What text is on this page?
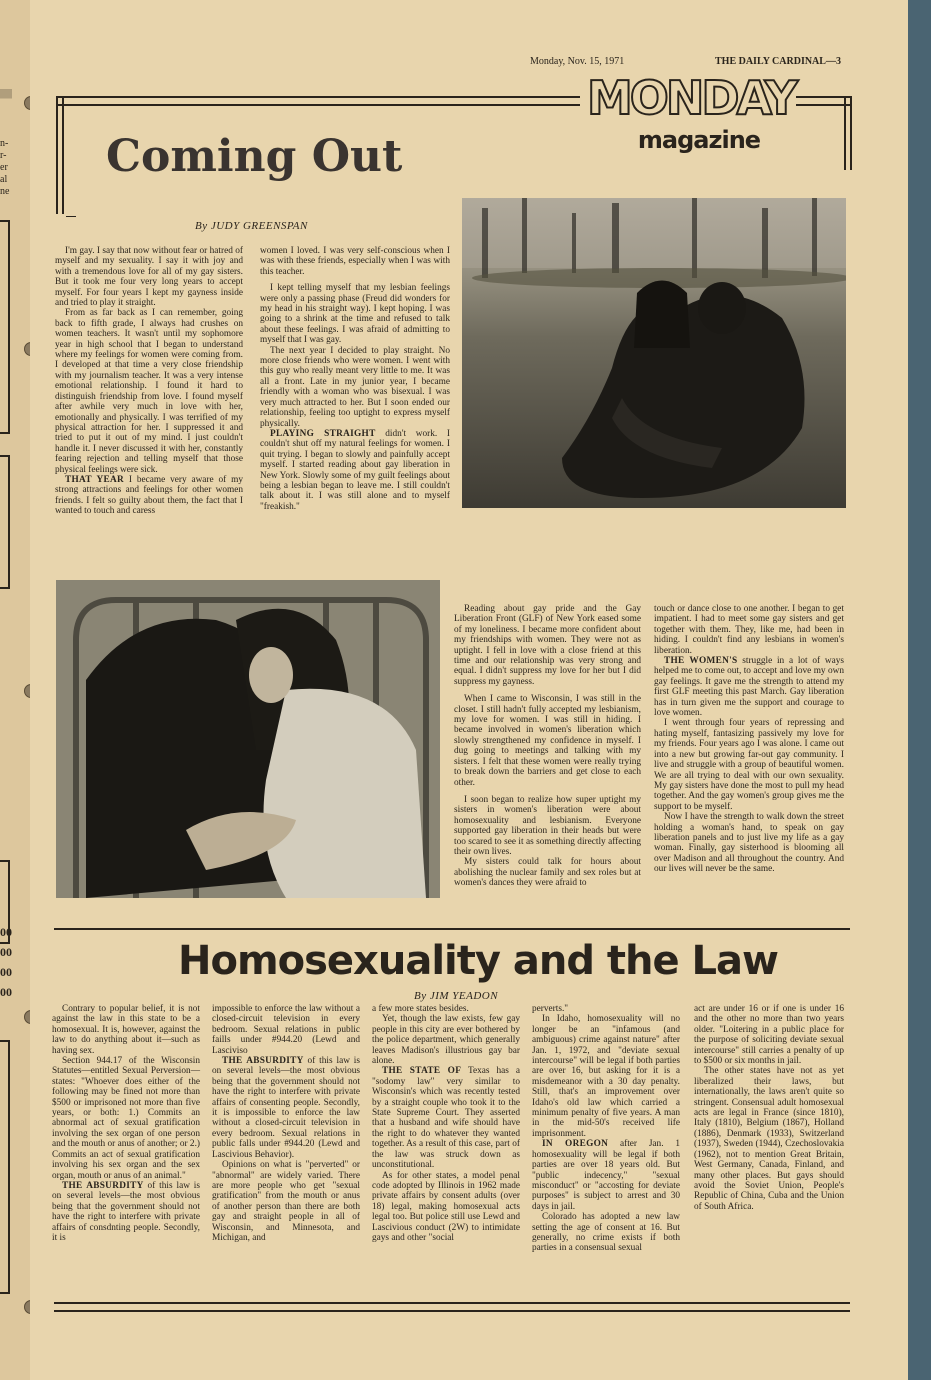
||||||
n-
r-
er
al
ne
00
00
00
00
Monday, Nov. 15, 1971	THE DAILY CARDINAL—3
MONDAY
magazine
Coming Out
By JUDY GREENSPAN

I'm gay. I say that now without fear or hatred of myself and my sexuality. I say it with joy and with a tremendous love for all of my gay sisters. But it took me four very long years to accept myself. For four years I kept my gayness inside and tried to play it straight.

From as far back as I can remember, going back to fifth grade, I always had crushes on women teachers. It wasn't until my sophomore year in high school that I began to understand where my feelings for women were coming from. I developed at that time a very close friendship with my journalism teacher. It was a very intense emotional relationship. I found it hard to distinguish friendship from love. I found myself after awhile very much in love with her, emotionally and physically. I was terrified of my physical attraction for her. I suppressed it and tried to put it out of my mind. I just couldn't handle it. I never discussed it with her, constantly fearing rejection and telling myself that those physical feelings were sick.

THAT YEAR I became very aware of my strong attractions and feelings for other women friends. I felt so guilty about them, the fact that I wanted to touch and caress

women I loved. I was very self-conscious when I was with these friends, especially when I was with this teacher.

I kept telling myself that my lesbian feelings were only a passing phase (Freud did wonders for my head in his straight way). I kept hoping. I was going to a shrink at the time and refused to talk about these feelings. I was afraid of admitting to myself that I was gay.

The next year I decided to play straight. No more close friends who were women. I went with this guy who really meant very little to me. It was all a front. Late in my junior year, I became friendly with a woman who was bisexual. I was very much attracted to her. But I soon ended our relationship, feeling too uptight to express myself physically.

PLAYING STRAIGHT didn't work. I couldn't shut off my natural feelings for women. I quit trying. I began to slowly and painfully accept myself. I started reading about gay liberation in New York. Slowly some of my guilt feelings about being a lesbian began to leave me. I still couldn't talk about it. I was still alone and to myself "freakish."

Reading about gay pride and the Gay Liberation Front (GLF) of New York eased some of my loneliness. I became more confident about my friendships with women. They were not as uptight. I fell in love with a close friend at this time and our relationship was very strong and equal. I didn't suppress my love for her but I did suppress my gayness.

When I came to Wisconsin, I was still in the closet. I still hadn't fully accepted my lesbianism, my love for women. I was still in hiding. I became involved in women's liberation which slowly strengthened my confidence in myself. I dug going to meetings and talking with my sisters. I felt that these women were really trying to break down the barriers and get close to each other.

I soon began to realize how super uptight my sisters in women's liberation were about homosexuality and lesbianism. Everyone supported gay liberation in their heads but were too scared to see it as something directly affecting their own lives.

My sisters could talk for hours about abolishing the nuclear family and sex roles but at women's dances they were afraid to

touch or dance close to one another. I began to get impatient. I had to meet some gay sisters and get together with them. They, like me, had been in hiding. I couldn't find any lesbians in women's liberation.

THE WOMEN'S struggle in a lot of ways helped me to come out, to accept and love my own gay feelings. It gave me the strength to attend my first GLF meeting this past March. Gay liberation has in turn given me the support and courage to love women.

I went through four years of repressing and hating myself, fantasizing passively my love for my friends. Four years ago I was alone. I came out into a new but growing far-out gay community. I live and struggle with a group of beautiful women. We are all trying to deal with our own sexuality. My gay sisters have done the most to pull my head together. And the gay women's group gives me the support to be myself.

Now I have the strength to walk down the street holding a woman's hand, to speak on gay liberation panels and to just live my life as a gay woman. Finally, gay sisterhood is blooming all over Madison and all throughout the country. And our lives will never be the same.

Homosexuality and the Law
By JIM YEADON

Contrary to popular belief, it is not against the law in this state to be a homosexual. It is, however, against the law to do anything about it—such as having sex.

Section 944.17 of the Wisconsin Statutes—entitled Sexual Perversion—states: "Whoever does either of the following may be fined not more than $500 or imprisoned not more than five years, or both: 1.) Commits an abnormal act of sexual gratification involving the sex organ of one person and the mouth or anus of another; or 2.) Commits an act of sexual gratification involving his sex organ and the sex organ, mouth or anus of an animal."

THE ABSURDITY of this law is on several levels—the most obvious being that the government should not have the right to interfere with private affairs of consdnting people. Secondly, it is

impossible to enforce the law without a closed-circuit television in every bedroom. Sexual relations in public faills under #944.20 (Lewd and Lasciviso

THE ABSURDITY of this law is on several levels—the most obvious being that the government should not have the right to interfere with private affairs of consenting people. Secondly, it is impossible to enforce the law without a closed-circuit television in every bedroom. Sexual relations in public falls under #944.20 (Lewd and Lascivious Behavior).

Opinions on what is "perverted" or "abnormal" are widely varied. There are more people who get "sexual gratification" from the mouth or anus of another person than there are both gay and straight people in all of Wisconsin, and Minnesota, and Michigan, and

a few more states besides.

Yet, though the law exists, few gay people in this city are ever bothered by the police department, which generally leaves Madison's illustrious gay bar alone.

THE STATE OF Texas has a "sodomy law" very similar to Wisconsin's which was recently tested by a straight couple who took it to the State Supreme Court. They asserted that a husband and wife should have the right to do whatever they wanted together. As a result of this case, part of the law was struck down as unconstitutional.

As for other states, a model penal code adopted by Illinois in 1962 made private affairs by consent adults (over 18) legal, making homosexual acts legal too. But police still use Lewd and Lascivious conduct (2W) to intimidate gays and other "social

perverts."

In Idaho, homosexuality will no longer be an "infamous (and ambiguous) crime against nature" after Jan. 1, 1972, and "deviate sexual intercourse" will be legal if both parties are over 16, but asking for it is a misdemeanor with a 30 day penalty. Still, that's an improvement over Idaho's old law which carried a minimum penalty of five years. A man in the mid-50's received life imprisonment.

IN OREGON after Jan. 1 homosexuality will be legal if both parties are over 18 years old. But "public indecency," "sexual misconduct" or "accosting for deviate purposes" is subject to arrest and 30 days in jail.

Colorado has adopted a new law setting the age of consent at 16. But generally, no crime exists if both parties in a consensual sexual

act are under 16 or if one is under 16 and the other no more than two years older. "Loitering in a public place for the purpose of soliciting deviate sexual intercourse" still carries a penalty of up to $500 or six months in jail.

The other states have not as yet liberalized their laws, but internationally, the laws aren't quite so stringent. Consensual adult homosexual acts are legal in France (since 1810), Italy (1810), Belgium (1867), Holland (1886), Denmark (1933), Switzerland (1937), Sweden (1944), Czechoslovakia (1962), not to mention Great Britain, West Germany, Canada, Finland, and many other places. But gays should avoid the Soviet Union, People's Republic of China, Cuba and the Union of South Africa.
